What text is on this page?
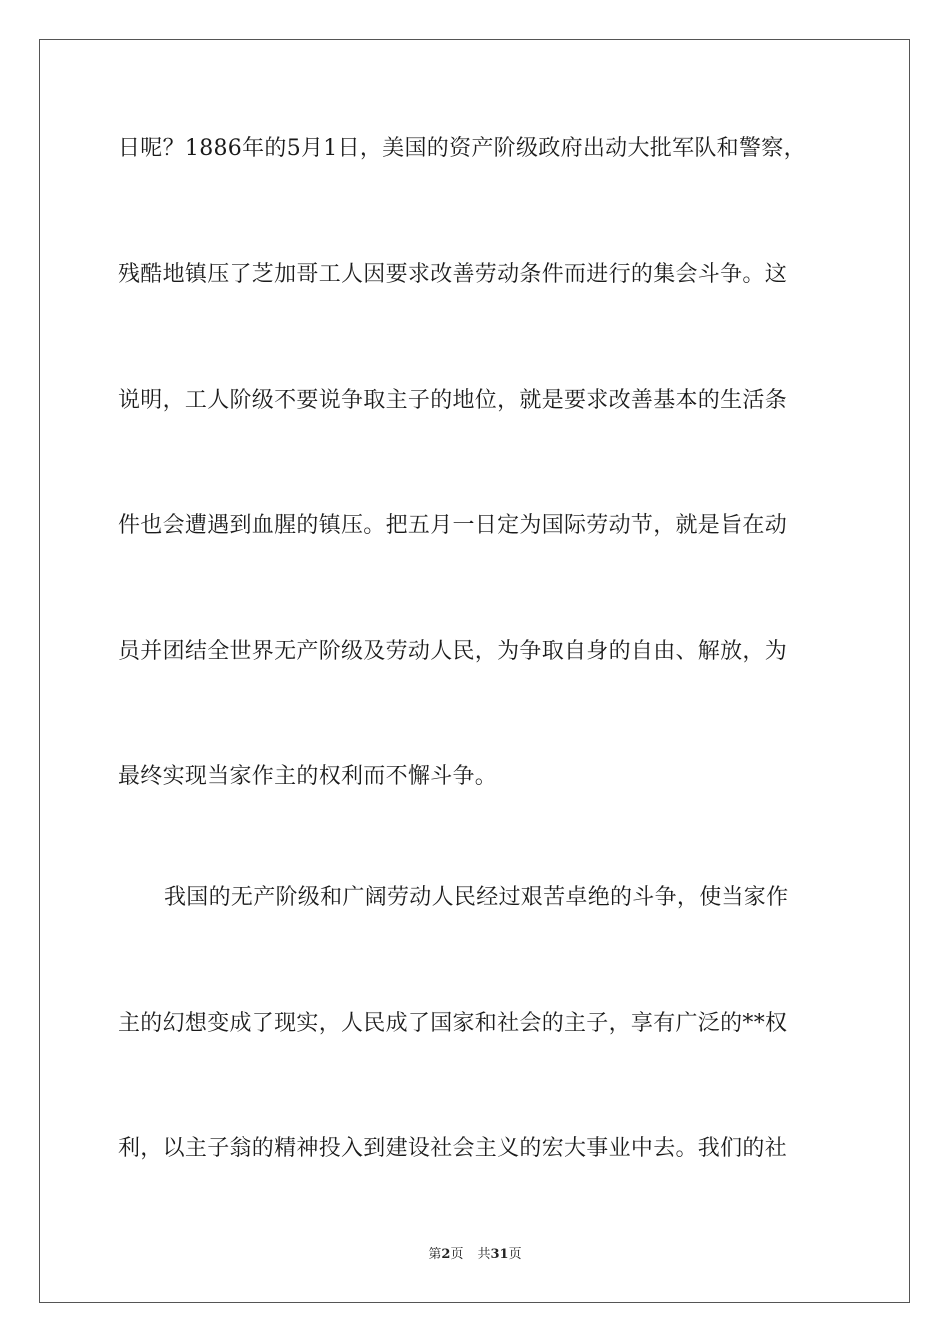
日呢？1886年的5月1日，美国的资产阶级政府出动大批军队和警察，
残酷地镇压了芝加哥工人因要求改善劳动条件而进行的集会斗争。这
说明，工人阶级不要说争取主子的地位，就是要求改善基本的生活条
件也会遭遇到血腥的镇压。把五月一日定为国际劳动节，就是旨在动
员并团结全世界无产阶级及劳动人民，为争取自身的自由、解放，为
最终实现当家作主的权利而不懈斗争。
我国的无产阶级和广阔劳动人民经过艰苦卓绝的斗争，使当家作
主的幻想变成了现实，人民成了国家和社会的主子，享有广泛的**权
利，以主子翁的精神投入到建设社会主义的宏大事业中去。我们的社
第2页 共31页
